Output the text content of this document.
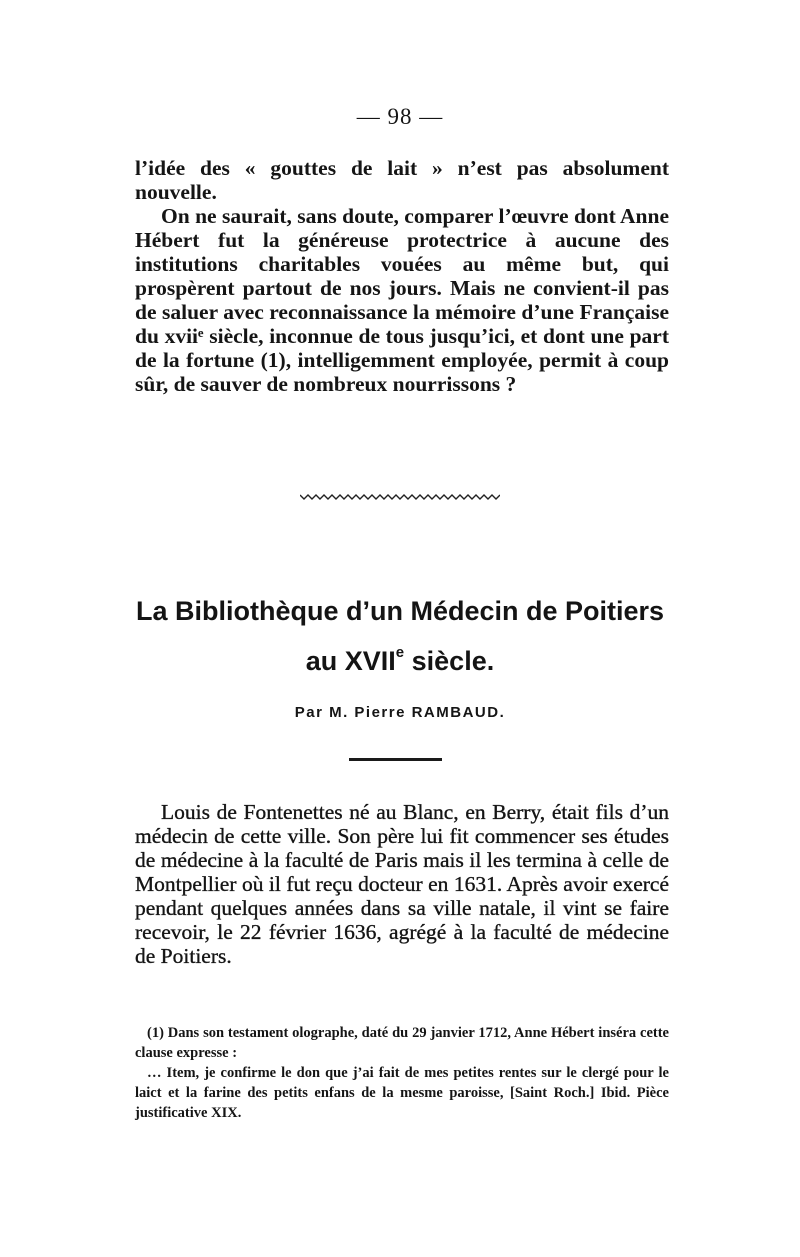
— 98 —

l’idée des « gouttes de lait » n’est pas absolument nouvelle.

On ne saurait, sans doute, comparer l’œuvre dont Anne Hébert fut la généreuse protectrice à aucune des institutions charitables vouées au même but, qui prospèrent partout de nos jours. Mais ne convient-il pas de saluer avec reconnaissance la mémoire d’une Française du xviiᵉ siècle, inconnue de tous jusqu’ici, et dont une part de la fortune (1), intelligemment employée, permit à coup sûr, de sauver de nombreux nourrissons ?

La Bibliothèque d’un Médecin de Poitiers
au XVIIe siècle.
Par M. Pierre RAMBAUD.

Louis de Fontenettes né au Blanc, en Berry, était fils d’un médecin de cette ville. Son père lui fit commencer ses études de médecine à la faculté de Paris mais il les termina à celle de Montpellier où il fut reçu docteur en 1631. Après avoir exercé pendant quelques années dans sa ville natale, il vint se faire recevoir, le 22 février 1636, agrégé à la faculté de médecine de Poitiers.

(1) Dans son testament olographe, daté du 29 janvier 1712, Anne Hébert inséra cette clause expresse :

… Item, je confirme le don que j’ai fait de mes petites rentes sur le clergé pour le laict et la farine des petits enfans de la mesme paroisse, [Saint Roch.] Ibid. Pièce justificative XIX.
